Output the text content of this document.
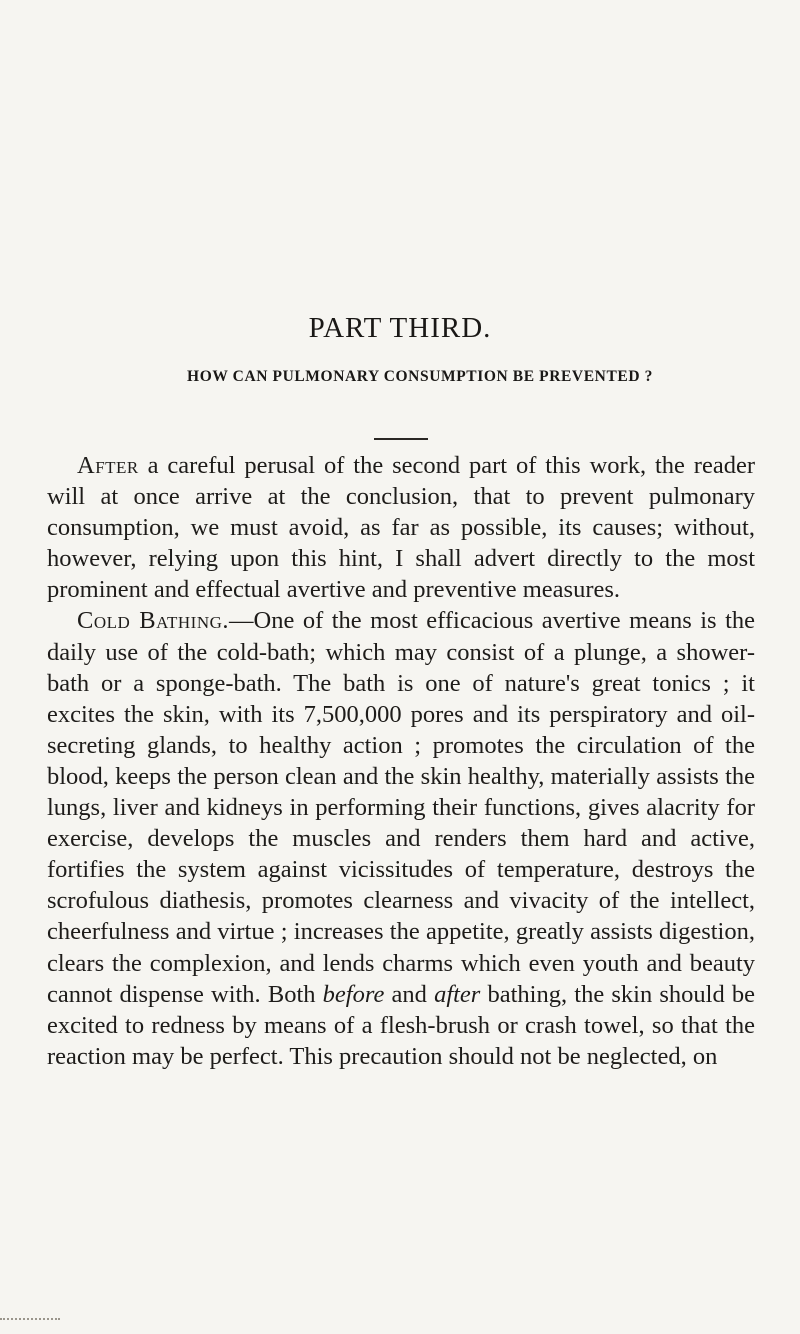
PART THIRD.
HOW CAN PULMONARY CONSUMPTION BE PREVENTED ?

After a careful perusal of the second part of this work, the reader will at once arrive at the conclusion, that to prevent pulmonary consumption, we must avoid, as far as possible, its causes; without, however, relying upon this hint, I shall advert directly to the most prominent and effectual avertive and preventive measures.

Cold Bathing.—One of the most efficacious avertive means is the daily use of the cold-bath; which may consist of a plunge, a shower-bath or a sponge-bath. The bath is one of nature's great tonics ; it excites the skin, with its 7,500,000 pores and its perspiratory and oil-secreting glands, to healthy action ; promotes the circulation of the blood, keeps the person clean and the skin healthy, materially assists the lungs, liver and kidneys in performing their functions, gives alacrity for exercise, develops the muscles and renders them hard and active, fortifies the system against vicissitudes of temperature, destroys the scrofulous diathesis, promotes clearness and vivacity of the intellect, cheerfulness and virtue ; increases the appetite, greatly assists digestion, clears the complexion, and lends charms which even youth and beauty cannot dispense with. Both before and after bathing, the skin should be excited to redness by means of a flesh-brush or crash towel, so that the reaction may be perfect. This precaution should not be neglected, on
